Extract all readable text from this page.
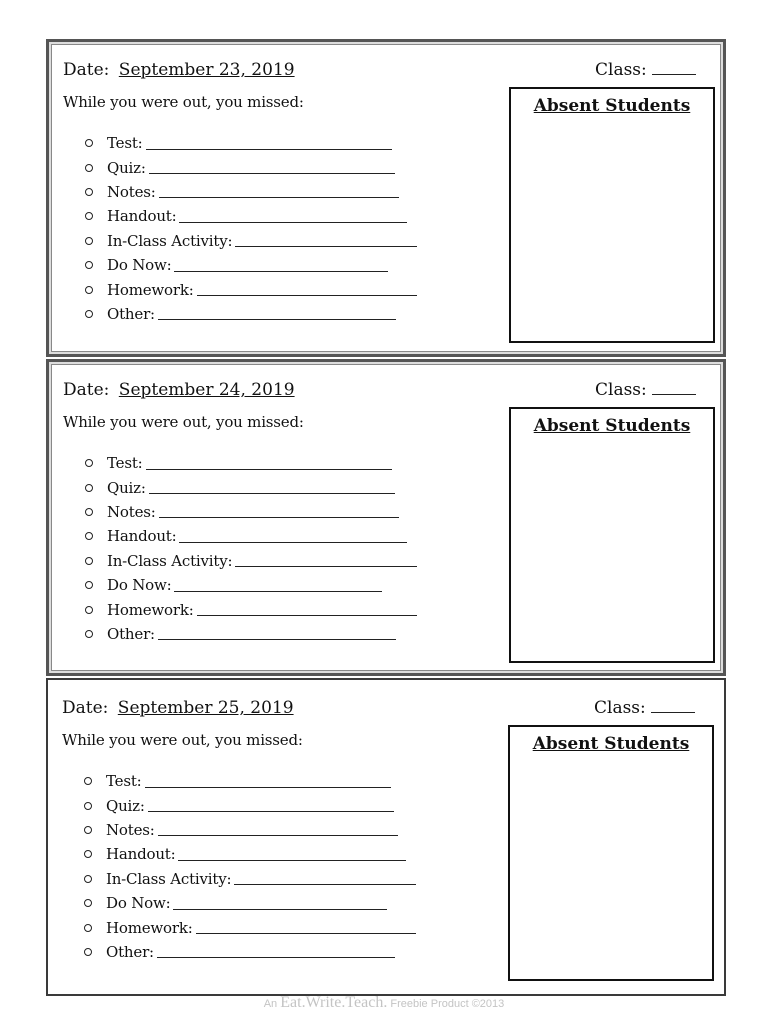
Date: September 23, 2019	Class:
While you were out, you missed:
Test:
Quiz:
Notes:
Handout:
In-Class Activity:
Do Now:
Homework:
Other:
Absent Students
Date: September 24, 2019	Class:
While you were out, you missed:
Test:
Quiz:
Notes:
Handout:
In-Class Activity:
Do Now:
Homework:
Other:
Absent Students
Date: September 25, 2019	Class:
While you were out, you missed:
Test:
Quiz:
Notes:
Handout:
In-Class Activity:
Do Now:
Homework:
Other:
Absent Students
An Eat.Write.Teach. Freebie Product ©2013
